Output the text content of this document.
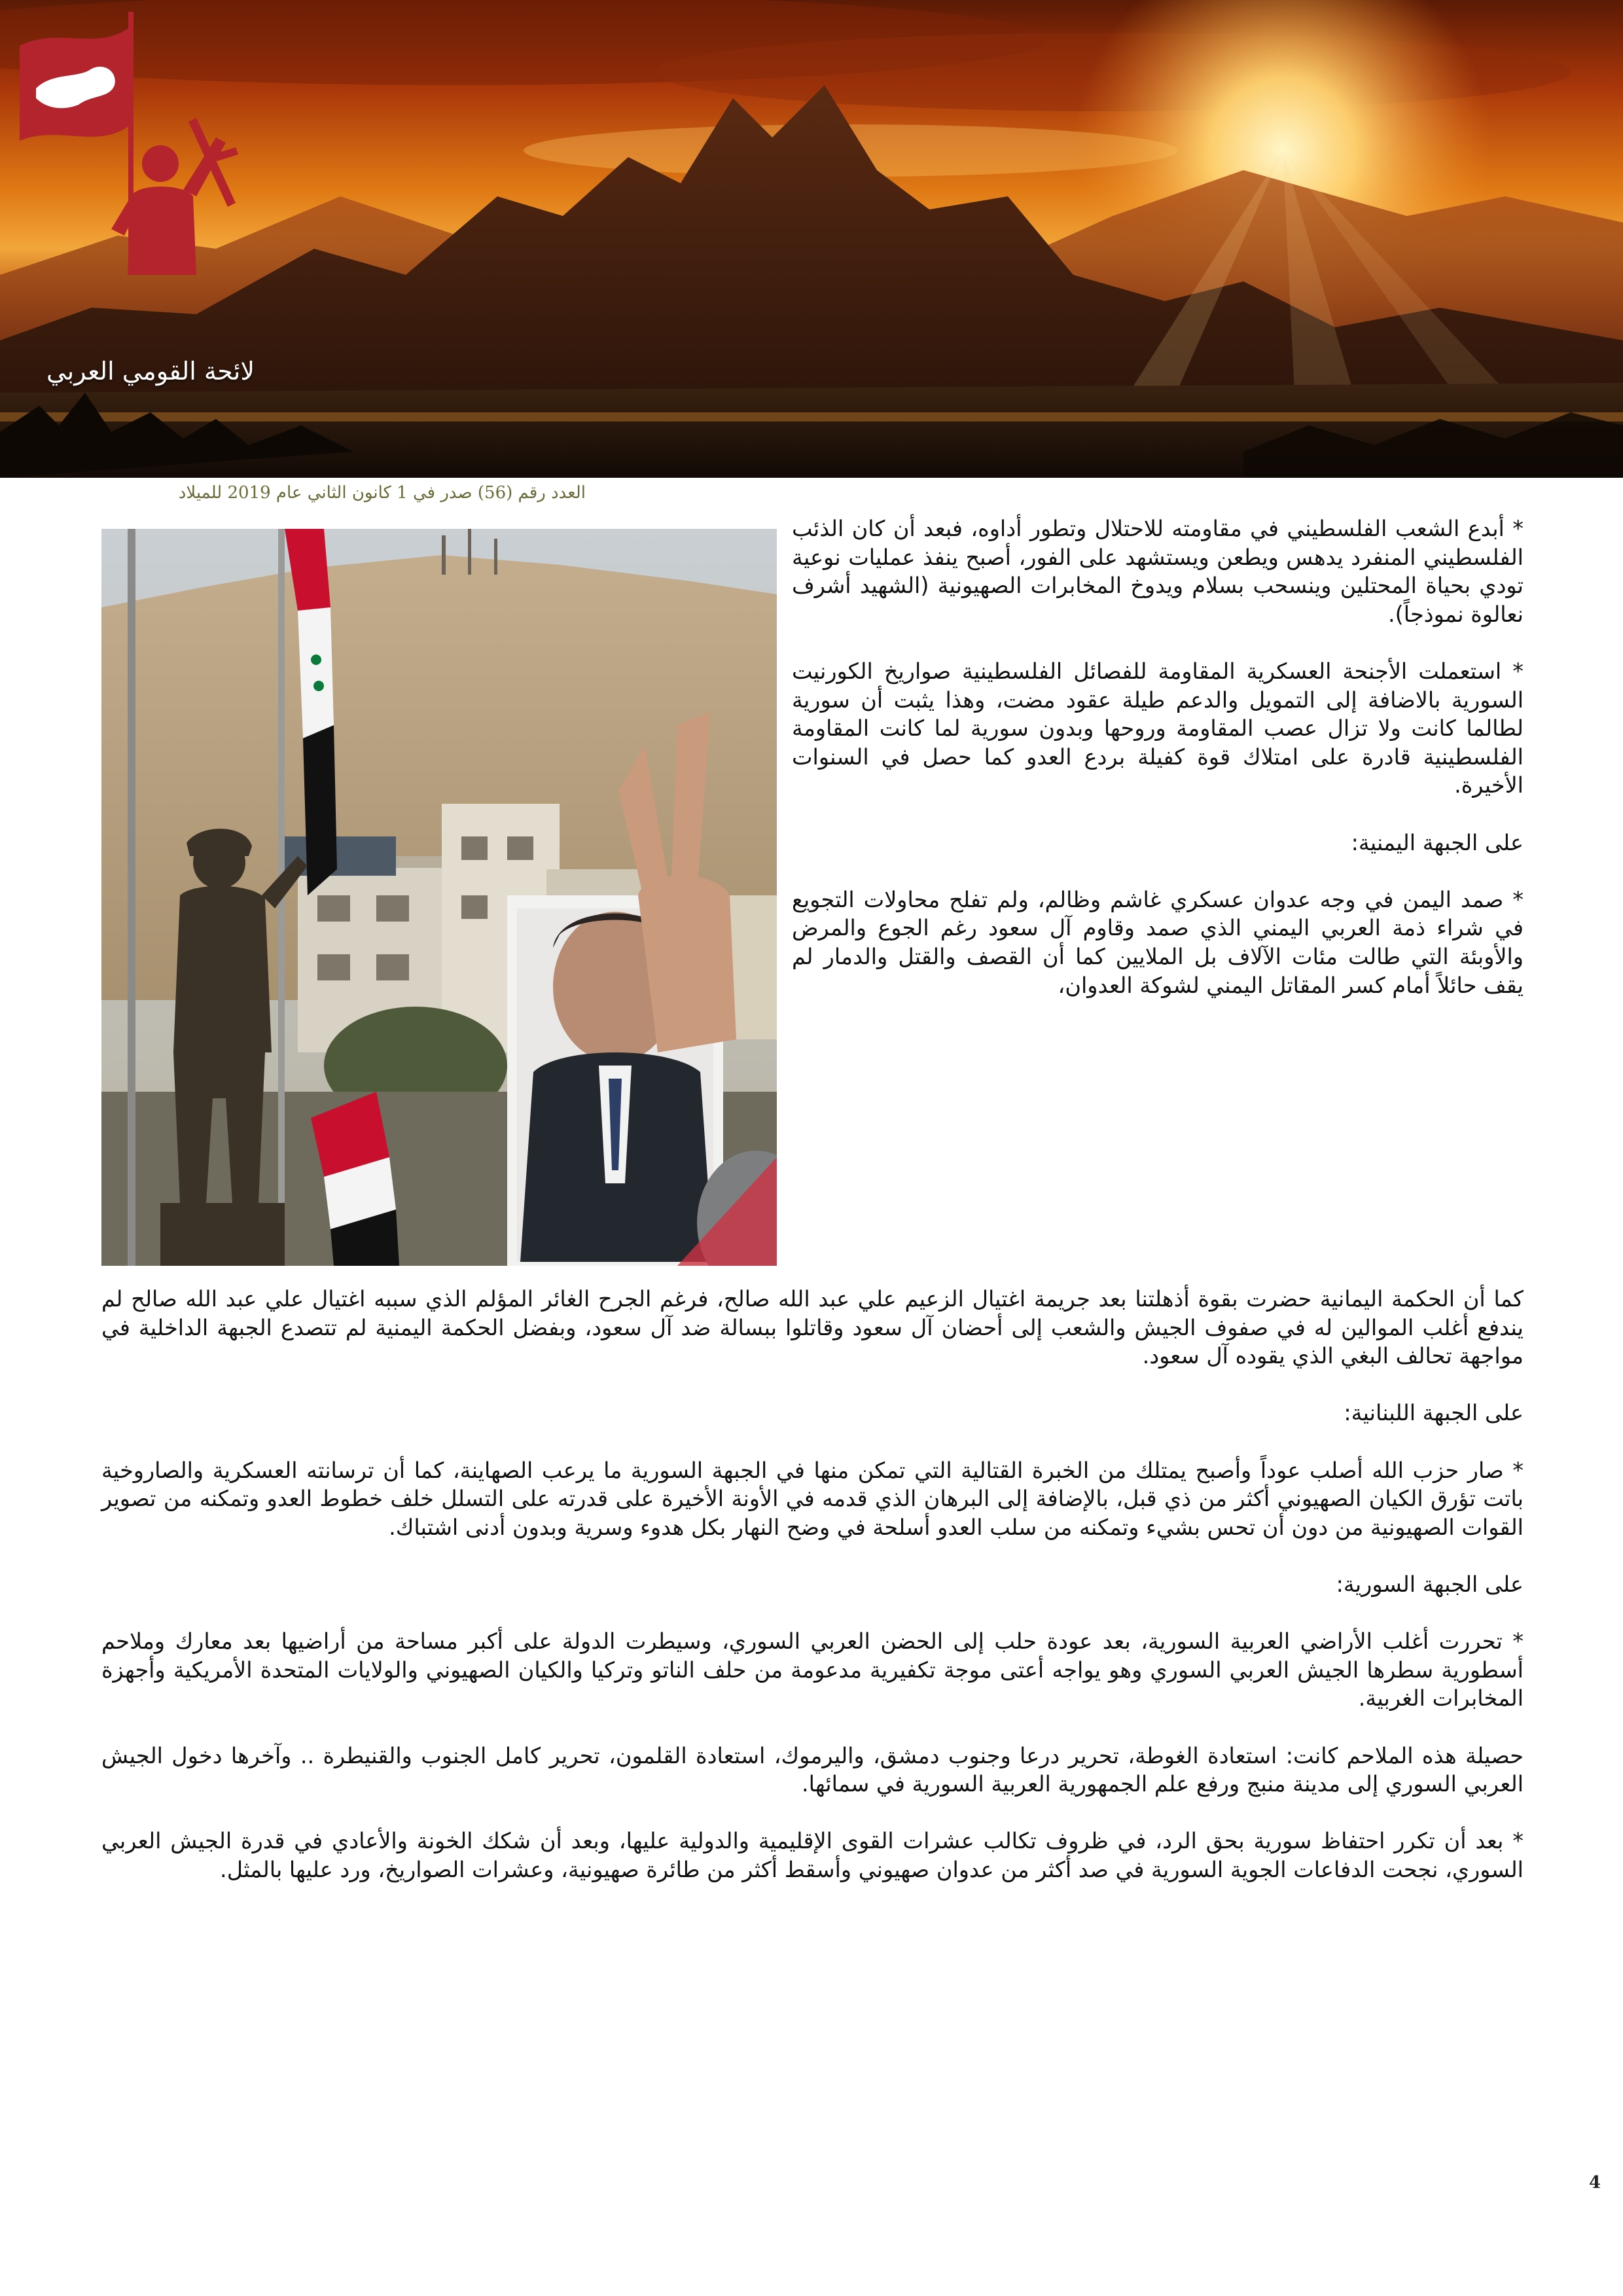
لائحة القومي العربي
العدد رقم (56) صدر في 1 كانون الثاني عام 2019 للميلاد

* أبدع الشعب الفلسطيني في مقاومته للاحتلال وتطور أداوه، فبعد أن كان الذئب الفلسطيني المنفرد يدهس ويطعن ويستشهد على الفور، أصبح ينفذ عمليات نوعية تودي بحياة المحتلين وينسحب بسلام ويدوخ المخابرات الصهيونية (الشهيد أشرف نعالوة نموذجاً).

* استعملت الأجنحة العسكرية المقاومة للفصائل الفلسطينية صواريخ الكورنيت السورية بالاضافة إلى التمويل والدعم طيلة عقود مضت، وهذا يثبت أن سورية لطالما كانت ولا تزال عصب المقاومة وروحها وبدون سورية لما كانت المقاومة الفلسطينية قادرة على امتلاك قوة كفيلة بردع العدو كما حصل في السنوات الأخيرة.

على الجبهة اليمنية:

* صمد اليمن في وجه عدوان عسكري غاشم وظالم، ولم تفلح محاولات التجويع في شراء ذمة العربي اليمني الذي صمد وقاوم آل سعود رغم الجوع والمرض والأوبئة التي طالت مئات الآلاف بل الملايين كما أن القصف والقتل والدمار لم يقف حائلاً أمام كسر المقاتل اليمني لشوكة العدوان،

كما أن الحكمة اليمانية حضرت بقوة أذهلتنا بعد جريمة اغتيال الزعيم علي عبد الله صالح، فرغم الجرح الغائر المؤلم الذي سببه اغتيال علي عبد الله صالح لم يندفع أغلب الموالين له في صفوف الجيش والشعب إلى أحضان آل سعود وقاتلوا ببسالة ضد آل سعود، وبفضل الحكمة اليمنية لم تتصدع الجبهة الداخلية في مواجهة تحالف البغي الذي يقوده آل سعود.

على الجبهة اللبنانية:

* صار حزب الله أصلب عوداً وأصبح يمتلك من الخبرة القتالية التي تمكن منها في الجبهة السورية ما يرعب الصهاينة، كما أن ترسانته العسكرية والصاروخية باتت تؤرق الكيان الصهيوني أكثر من ذي قبل، بالإضافة إلى البرهان الذي قدمه في الأونة الأخيرة على قدرته على التسلل خلف خطوط العدو وتمكنه من تصوير القوات الصهيونية من دون أن تحس بشيء وتمكنه من سلب العدو أسلحة في وضح النهار بكل هدوء وسرية وبدون أدنى اشتباك.

على الجبهة السورية:

* تحررت أغلب الأراضي العربية السورية، بعد عودة حلب إلى الحضن العربي السوري، وسيطرت الدولة على أكبر مساحة من أراضيها بعد معارك وملاحم أسطورية سطرها الجيش العربي السوري وهو يواجه أعتى موجة تكفيرية مدعومة من حلف الناتو وتركيا والكيان الصهيوني والولايات المتحدة الأمريكية وأجهزة المخابرات الغربية.

حصيلة هذه الملاحم كانت: استعادة الغوطة، تحرير درعا وجنوب دمشق، واليرموك، استعادة القلمون، تحرير كامل الجنوب والقنيطرة .. وآخرها دخول الجيش العربي السوري إلى مدينة منبج ورفع علم الجمهورية العربية السورية في سمائها.

* بعد أن تكرر احتفاظ سورية بحق الرد، في ظروف تكالب عشرات القوى الإقليمية والدولية عليها، وبعد أن شكك الخونة والأعادي في قدرة الجيش العربي السوري، نجحت الدفاعات الجوية السورية في صد أكثر من عدوان صهيوني وأسقط أكثر من طائرة صهيونية، وعشرات الصواريخ، ورد عليها بالمثل.

4
